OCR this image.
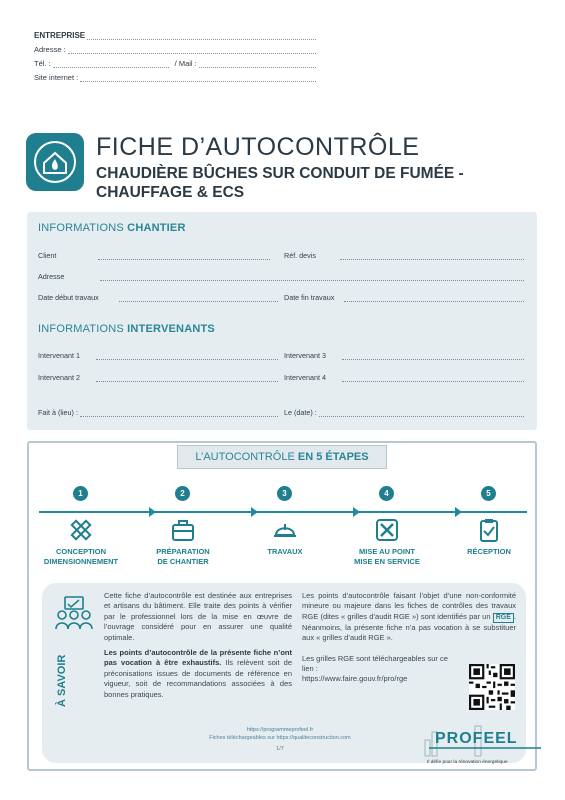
ENTREPRISE
Adresse :
Tél. :	/ Mail :
Site internet :
FICHE D’AUTOCONTRÔLE
CHAUDIÈRE BÛCHES SUR CONDUIT DE FUMÉE - CHAUFFAGE & ECS
INFORMATIONS CHANTIER
Client	Réf. devis
Adresse
Date début travaux	Date fin travaux
INFORMATIONS INTERVENANTS
Intervenant 1	Intervenant 3
Intervenant 2	Intervenant 4
Fait à (lieu) :	Le (date) :
L’AUTOCONTRÔLE EN 5 ÉTAPES
1
CONCEPTION
DIMENSIONNEMENT
2
PRÉPARATION
DE CHANTIER
3
TRAVAUX
4
MISE AU POINT
MISE EN SERVICE
5
RÉCEPTION
À SAVOIR

Cette fiche d’autocontrôle est destinée aux entreprises et artisans du bâtiment. Elle traite des points à vérifier par le professionnel lors de la mise en œuvre de l’ouvrage considéré pour en assurer une qualité optimale.

Les points d’autocontrôle de la présente fiche n’ont pas vocation à être exhaustifs. Ils relèvent soit de préconisations issues de documents de référence en vigueur, soit de recommandations associées à des bonnes pratiques.

Les points d’autocontrôle faisant l’objet d’une non-conformité mineure ou majeure dans les fiches de contrôles des travaux RGE (dites « grilles d’audit RGE ») sont identifiés par un RGE . Néanmoins, la présente fiche n’a pas vocation à se substituer aux « grilles d’audit RGE ».

Les grilles RGE sont téléchargeables sur ce lien :

https://www.faire.gouv.fr/pro/rge

https://programmeprofeel.fr
Fiches téléchargeables sur https://qualiteconstruction.com
1/7
PROFEEL
Il défie pour la rénovation énergétique
